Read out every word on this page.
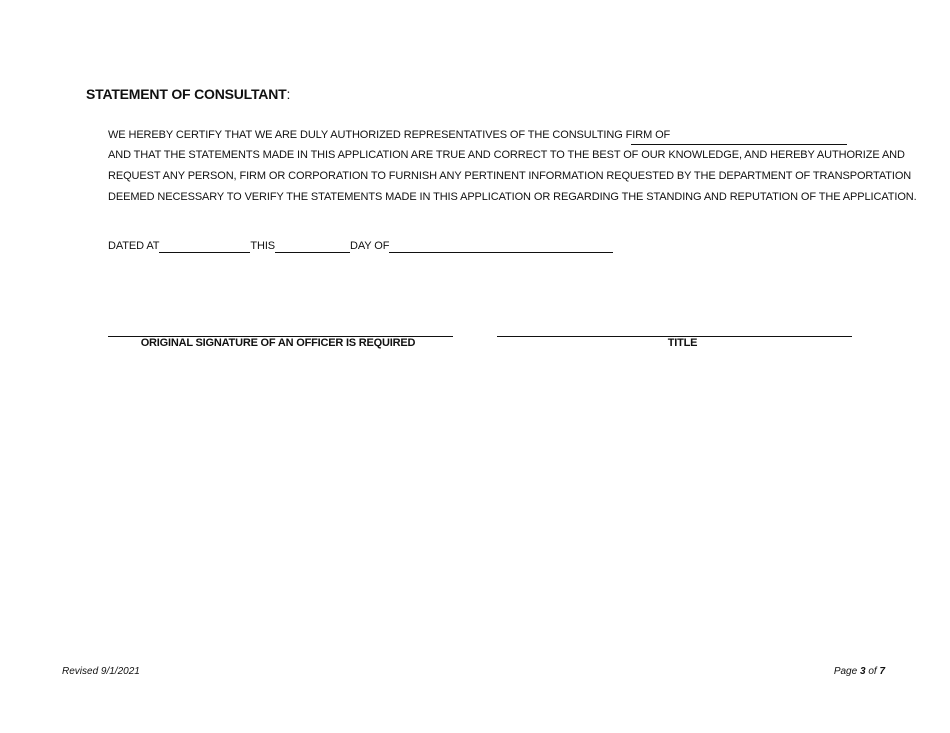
STATEMENT OF CONSULTANT:
WE HEREBY CERTIFY THAT WE ARE DULY AUTHORIZED REPRESENTATIVES OF THE CONSULTING FIRM OF
AND THAT THE STATEMENTS MADE IN THIS APPLICATION ARE TRUE AND CORRECT TO THE BEST OF OUR KNOWLEDGE, AND HEREBY AUTHORIZE AND
REQUEST ANY PERSON, FIRM OR CORPORATION TO FURNISH ANY PERTINENT INFORMATION REQUESTED BY THE DEPARTMENT OF TRANSPORTATION
DEEMED NECESSARY TO VERIFY THE STATEMENTS MADE IN THIS APPLICATION OR REGARDING THE STANDING AND REPUTATION OF THE APPLICATION.
DATED AT	THIS	DAY OF
ORIGINAL SIGNATURE OF AN OFFICER IS REQUIRED	TITLE
Revised 9/1/2021	Page 3 of 7
